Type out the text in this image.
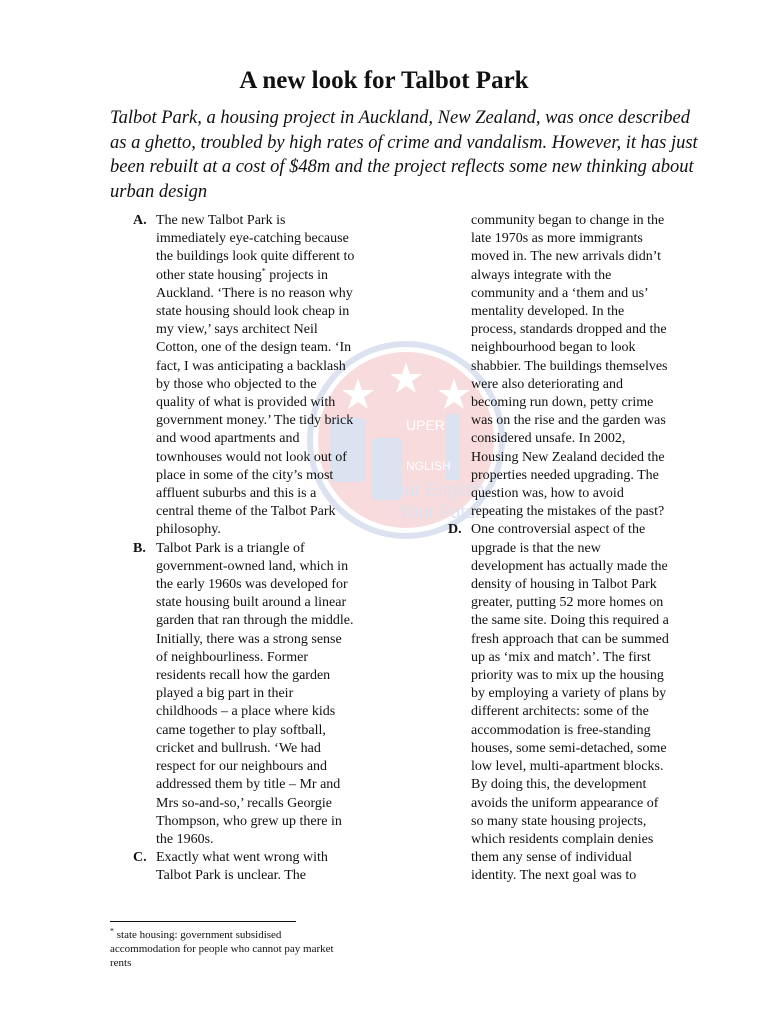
UPER
NGLISH
Your English
Your Future
A new look for Talbot Park

Talbot Park, a housing project in Auckland, New Zealand, was once described as a ghetto, troubled by high rates of crime and vandalism. However, it has just been rebuilt at a cost of $48m and the project reflects some new thinking about urban design

A. The new Talbot Park is
immediately eye-catching because
the buildings look quite different to
other state housing* projects in
Auckland. ‘There is no reason why
state housing should look cheap in
my view,’ says architect Neil
Cotton, one of the design team. ‘In
fact, I was anticipating a backlash
by those who objected to the
quality of what is provided with
government money.’ The tidy brick
and wood apartments and
townhouses would not look out of
place in some of the city’s most
affluent suburbs and this is a
central theme of the Talbot Park
philosophy.

B. Talbot Park is a triangle of
government-owned land, which in
the early 1960s was developed for
state housing built around a linear
garden that ran through the middle.
Initially, there was a strong sense
of neighbourliness. Former
residents recall how the garden
played a big part in their
childhoods – a place where kids
came together to play softball,
cricket and bullrush. ‘We had
respect for our neighbours and
addressed them by title – Mr and
Mrs so-and-so,’ recalls Georgie
Thompson, who grew up there in
the 1960s.

C. Exactly what went wrong with
Talbot Park is unclear. The

community began to change in the
late 1970s as more immigrants
moved in. The new arrivals didn’t
always integrate with the
community and a ‘them and us’
mentality developed. In the
process, standards dropped and the
neighbourhood began to look
shabbier. The buildings themselves
were also deteriorating and
becoming run down, petty crime
was on the rise and the garden was
considered unsafe. In 2002,
Housing New Zealand decided the
properties needed upgrading. The
question was, how to avoid
repeating the mistakes of the past?

D. One controversial aspect of the
upgrade is that the new
development has actually made the
density of housing in Talbot Park
greater, putting 52 more homes on
the same site. Doing this required a
fresh approach that can be summed
up as ‘mix and match’. The first
priority was to mix up the housing
by employing a variety of plans by
different architects: some of the
accommodation is free-standing
houses, some semi-detached, some
low level, multi-apartment blocks.
By doing this, the development
avoids the uniform appearance of
so many state housing projects,
which residents complain denies
them any sense of individual
identity. The next goal was to

* state housing: government subsidised
accommodation for people who cannot pay market
rents
